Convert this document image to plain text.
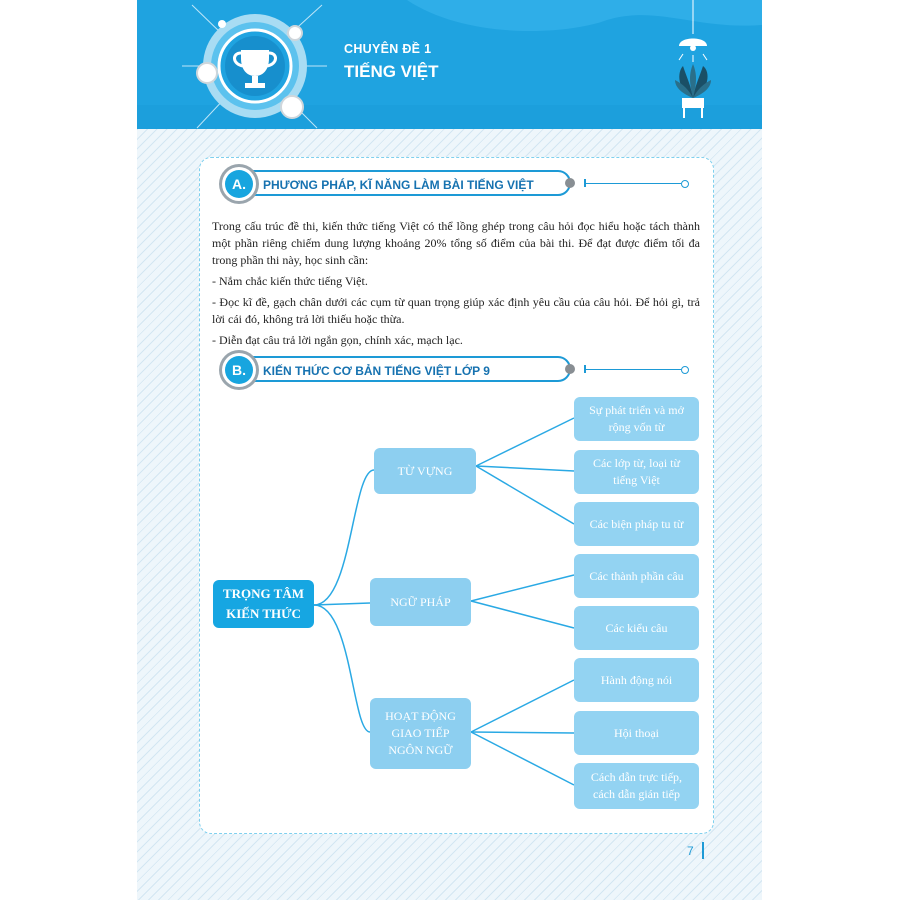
CHUYÊN ĐỀ 1
TIẾNG VIỆT
PHƯƠNG PHÁP, KĨ NĂNG LÀM BÀI TIẾNG VIỆT
A.

Trong cấu trúc đề thi, kiến thức tiếng Việt có thể lồng ghép trong câu hỏi đọc hiểu hoặc tách thành một phần riêng chiếm dung lượng khoảng 20% tổng số điểm của bài thi. Để đạt được điểm tối đa trong phần thi này, học sinh cần:

- Nắm chắc kiến thức tiếng Việt.

- Đọc kĩ đề, gạch chân dưới các cụm từ quan trọng giúp xác định yêu cầu của câu hỏi. Để hỏi gì, trả lời cái đó, không trả lời thiếu hoặc thừa.

- Diễn đạt câu trả lời ngắn gọn, chính xác, mạch lạc.

KIẾN THỨC CƠ BẢN TIẾNG VIỆT LỚP 9
B.
TRỌNG TÂM KIẾN THỨC
TỪ VỰNG
NGỮ PHÁP
HOẠT ĐỘNG GIAO TIẾP NGÔN NGỮ
Sự phát triển và mở rộng vốn từ
Các lớp từ, loại từ tiếng Việt
Các biện pháp tu từ
Các thành phần câu
Các kiểu câu
Hành động nói
Hội thoại
Cách dẫn trực tiếp, cách dẫn gián tiếp
7
